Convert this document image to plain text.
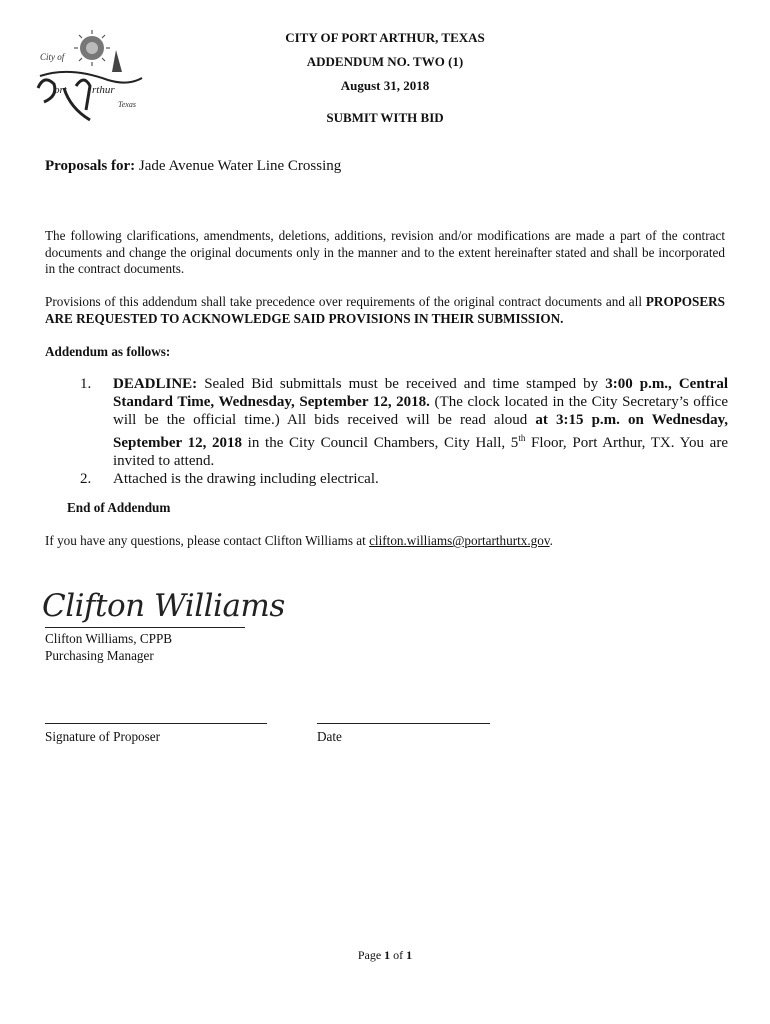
City of
ort rthur
Texas
CITY OF PORT ARTHUR, TEXAS
ADDENDUM NO. TWO (1)
August 31, 2018
SUBMIT WITH BID
Proposals for: Jade Avenue Water Line Crossing
The following clarifications, amendments, deletions, additions, revision and/or modifications are made a part of the contract documents and change the original documents only in the manner and to the extent hereinafter stated and shall be incorporated in the contract documents.
Provisions of this addendum shall take precedence over requirements of the original contract documents and all PROPOSERS ARE REQUESTED TO ACKNOWLEDGE SAID PROVISIONS IN THEIR SUBMISSION.
Addendum as follows:
1.	DEADLINE: Sealed Bid submittals must be received and time stamped by 3:00 p.m., Central Standard Time, Wednesday, September 12, 2018. (The clock located in the City Secretary’s office will be the official time.) All bids received will be read aloud at 3:15 p.m. on Wednesday, September 12, 2018 in the City Council Chambers, City Hall, 5th Floor, Port Arthur, TX. You are invited to attend.
2.	Attached is the drawing including electrical.
End of Addendum
If you have any questions, please contact Clifton Williams at clifton.williams@portarthurtx.gov.
Clifton Williams
Clifton Williams, CPPB
Purchasing Manager
Signature of Proposer	Date
Page 1 of 1
